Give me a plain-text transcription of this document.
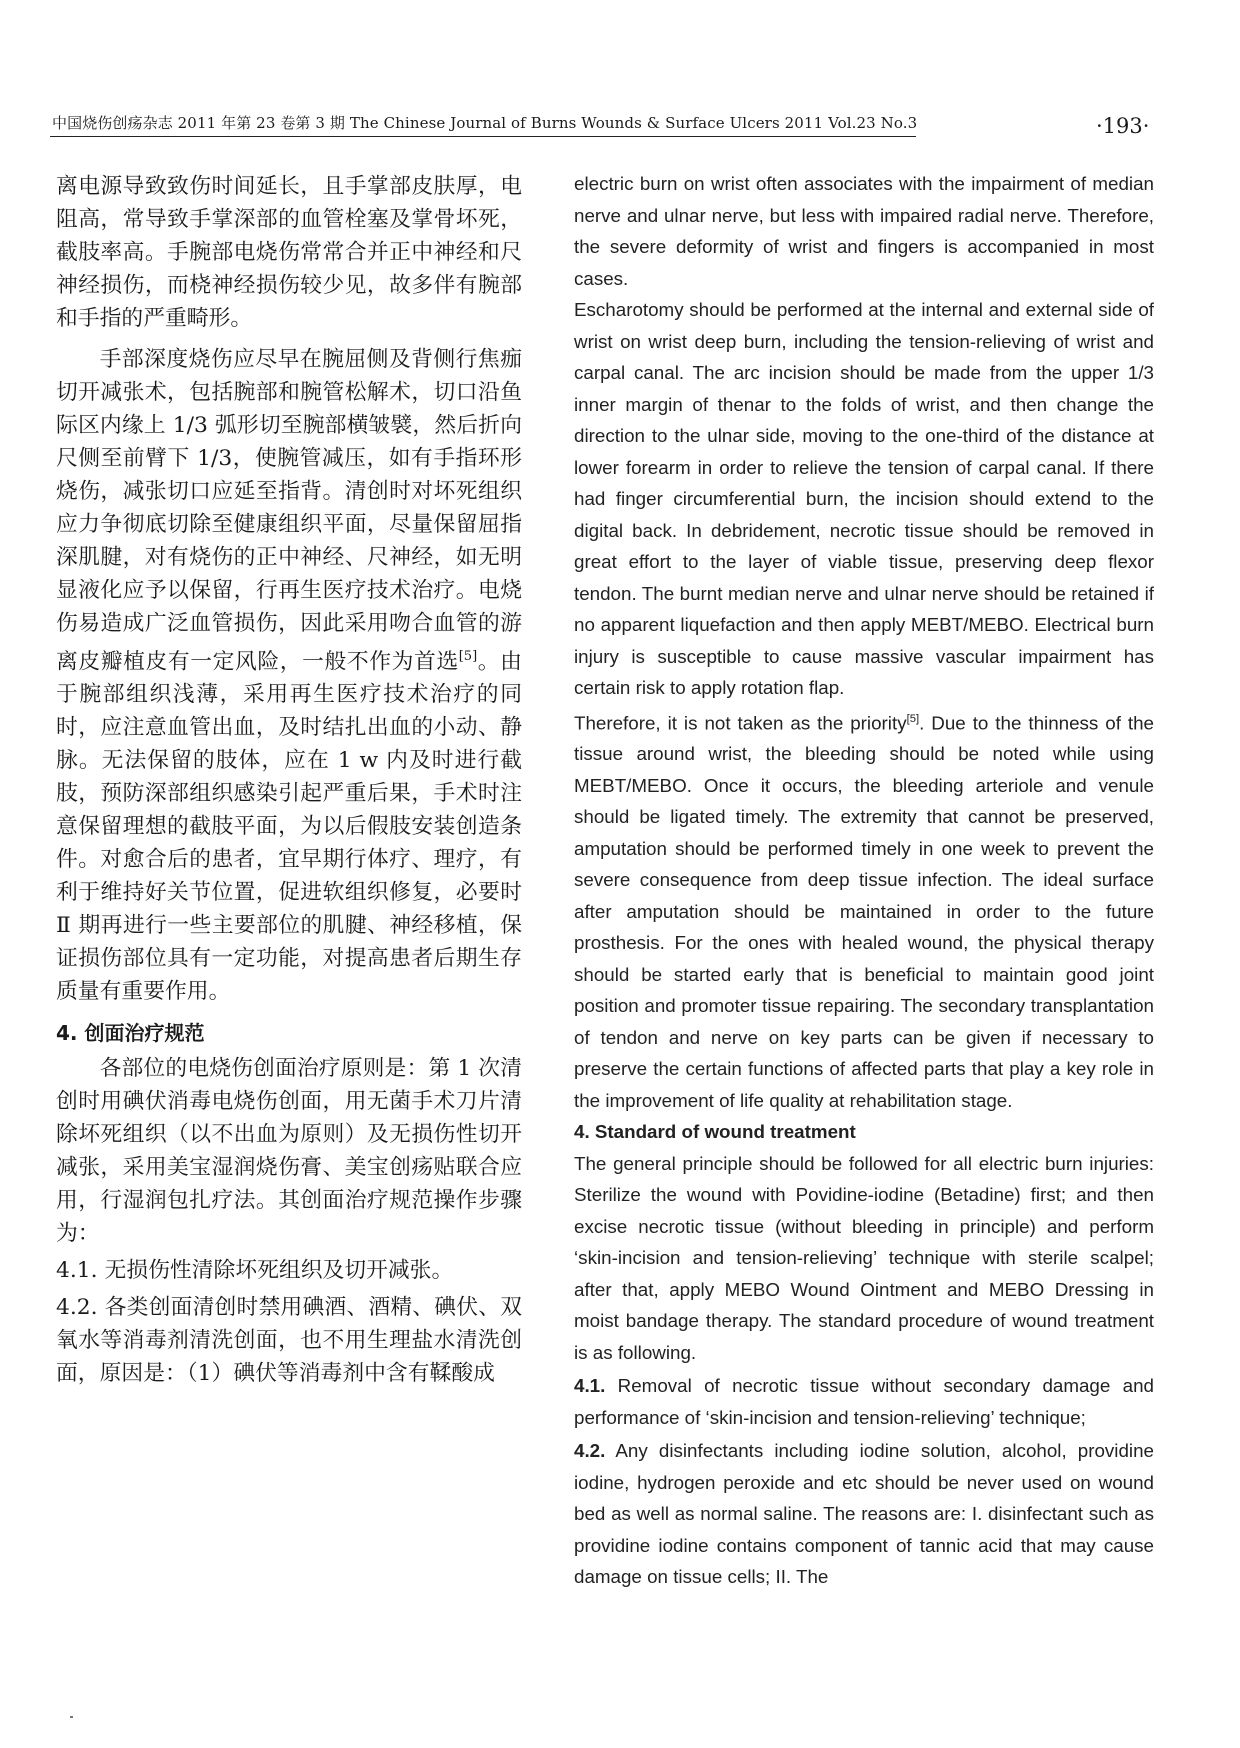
中国烧伤创疡杂志 2011 年第 23 卷第 3 期 The Chinese Journal of Burns Wounds & Surface Ulcers 2011 Vol.23 No.3	·193·

离电源导致致伤时间延长，且手掌部皮肤厚，电阻高，常导致手掌深部的血管栓塞及掌骨坏死，截肢率高。手腕部电烧伤常常合并正中神经和尺神经损伤，而桡神经损伤较少见，故多伴有腕部和手指的严重畸形。

手部深度烧伤应尽早在腕屈侧及背侧行焦痂切开减张术，包括腕部和腕管松解术，切口沿鱼际区内缘上 1/3 弧形切至腕部横皱襞，然后折向尺侧至前臂下 1/3，使腕管减压，如有手指环形烧伤，减张切口应延至指背。清创时对坏死组织应力争彻底切除至健康组织平面，尽量保留屈指深肌腱，对有烧伤的正中神经、尺神经，如无明显液化应予以保留，行再生医疗技术治疗。电烧伤易造成广泛血管损伤，因此采用吻合血管的游离皮瓣植皮有一定风险，一般不作为首选[5]。由于腕部组织浅薄，采用再生医疗技术治疗的同时，应注意血管出血，及时结扎出血的小动、静脉。无法保留的肢体，应在 1 w 内及时进行截肢，预防深部组织感染引起严重后果，手术时注意保留理想的截肢平面，为以后假肢安装创造条件。对愈合后的患者，宜早期行体疗、理疗，有利于维持好关节位置，促进软组织修复，必要时 Ⅱ 期再进行一些主要部位的肌腱、神经移植，保证损伤部位具有一定功能，对提高患者后期生存质量有重要作用。

4. 创面治疗规范

各部位的电烧伤创面治疗原则是：第 1 次清创时用碘伏消毒电烧伤创面，用无菌手术刀片清除坏死组织（以不出血为原则）及无损伤性切开减张，采用美宝湿润烧伤膏、美宝创疡贴联合应用，行湿润包扎疗法。其创面治疗规范操作步骤为：

4.1. 无损伤性清除坏死组织及切开减张。

4.2. 各类创面清创时禁用碘酒、酒精、碘伏、双氧水等消毒剂清洗创面，也不用生理盐水清洗创面，原因是：（1）碘伏等消毒剂中含有鞣酸成

electric burn on wrist often associates with the impairment of median nerve and ulnar nerve, but less with impaired radial nerve. Therefore, the severe deformity of wrist and fingers is accompanied in most cases.

Escharotomy should be performed at the internal and external side of wrist on wrist deep burn, including the tension-relieving of wrist and carpal canal. The arc incision should be made from the upper 1/3 inner margin of thenar to the folds of wrist, and then change the direction to the ulnar side, moving to the one-third of the distance at lower forearm in order to relieve the tension of carpal canal. If there had finger circumferential burn, the incision should extend to the digital back. In debridement, necrotic tissue should be removed in great effort to the layer of viable tissue, preserving deep flexor tendon. The burnt median nerve and ulnar nerve should be retained if no apparent liquefaction and then apply MEBT/MEBO. Electrical burn injury is susceptible to cause massive vascular impairment has certain risk to apply rotation flap.

Therefore, it is not taken as the priority[5]. Due to the thinness of the tissue around wrist, the bleeding should be noted while using MEBT/MEBO. Once it occurs, the bleeding arteriole and venule should be ligated timely. The extremity that cannot be preserved, amputation should be performed timely in one week to prevent the severe consequence from deep tissue infection. The ideal surface after amputation should be maintained in order to the future prosthesis. For the ones with healed wound, the physical therapy should be started early that is beneficial to maintain good joint position and promoter tissue repairing. The secondary transplantation of tendon and nerve on key parts can be given if necessary to preserve the certain functions of affected parts that play a key role in the improvement of life quality at rehabilitation stage.

4. Standard of wound treatment

The general principle should be followed for all electric burn injuries: Sterilize the wound with Povidine-iodine (Betadine) first; and then excise necrotic tissue (without bleeding in principle) and perform ‘skin-incision and tension-relieving’ technique with sterile scalpel; after that, apply MEBO Wound Ointment and MEBO Dressing in moist bandage therapy. The standard procedure of wound treatment is as following.

4.1. Removal of necrotic tissue without secondary damage and performance of ‘skin-incision and tension-relieving’ technique;

4.2. Any disinfectants including iodine solution, alcohol, providine iodine, hydrogen peroxide and etc should be never used on wound bed as well as normal saline. The reasons are: I. disinfectant such as providine iodine contains component of tannic acid that may cause damage on tissue cells; II. The
